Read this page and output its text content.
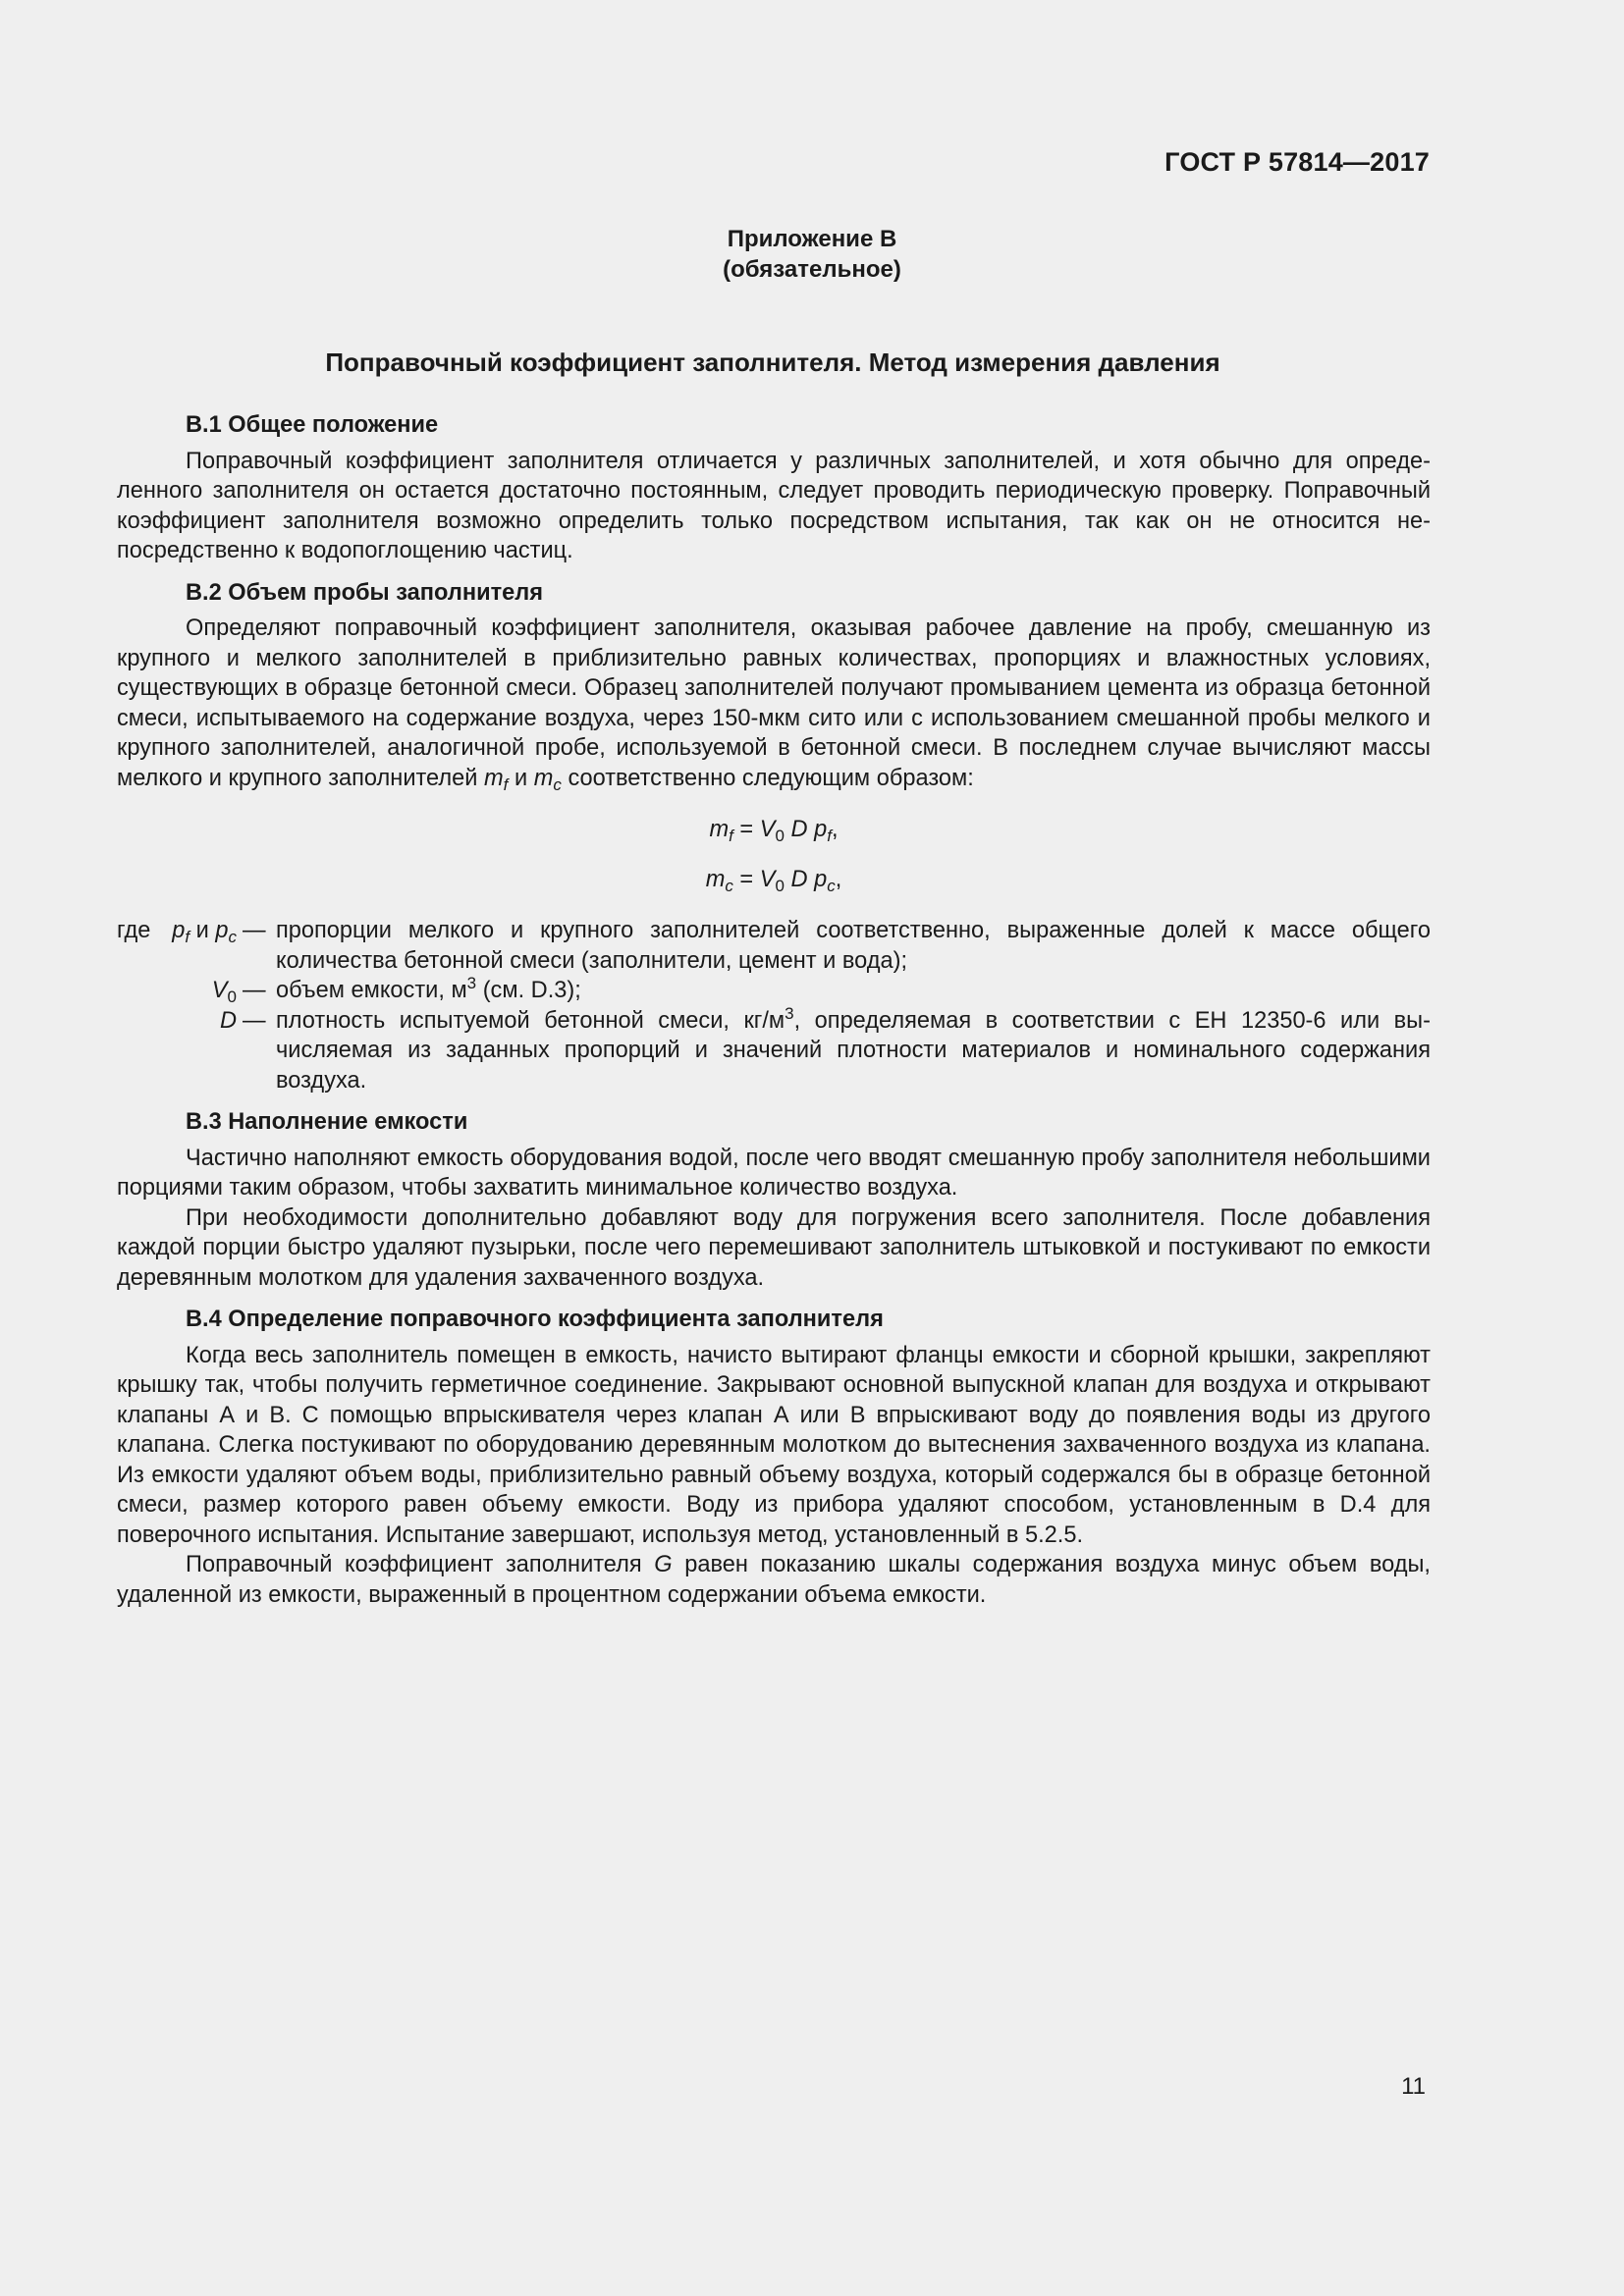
ГОСТ Р 57814—2017
Приложение В
(обязательное)
Поправочный коэффициент заполнителя. Метод измерения давления
В.1 Общее положение

Поправочный коэффициент заполнителя отличается у различных заполнителей, и хотя обычно для определенного заполнителя он остается достаточно постоянным, следует проводить периодическую проверку. Поправочный коэффициент заполнителя возможно определить только посредством испытания, так как он не относится непосредственно к водопоглощению частиц.

В.2 Объем пробы заполнителя

Определяют поправочный коэффициент заполнителя, оказывая рабочее давление на пробу, смешанную из крупного и мелкого заполнителей в приблизительно равных количествах, пропорциях и влажностных условиях, существующих в образце бетонной смеси. Образец заполнителей получают промыванием цемента из образца бетонной смеси, испытываемого на содержание воздуха, через 150-мкм сито или с использованием смешанной пробы мелкого и крупного заполнителей, аналогичной пробе, используемой в бетонной смеси. В последнем случае вычисляют массы мелкого и крупного заполнителей $m_f$ и $m_c$ соответственно следующим образом:

$m_f = V_0$ D $p_f$,

$m_c = V_0$ D $p_c$,

где $p_f$ и $p_c$ — пропорции мелкого и крупного заполнителей соответственно, выраженные долей к массе общего количества бетонной смеси (заполнители, цемент и вода);
$V_0$ — объем емкости, $м^3$ (см. D.3);
D — плотность испытуемой бетонной смеси, $кг/м^3$, определяемая в соответствии с ЕН 12350-6 или вычисляемая из заданных пропорций и значений плотности материалов и номинального содержания воздуха.
В.3 Наполнение емкости

Частично наполняют емкость оборудования водой, после чего вводят смешанную пробу заполнителя небольшими порциями таким образом, чтобы захватить минимальное количество воздуха.

При необходимости дополнительно добавляют воду для погружения всего заполнителя. После добавления каждой порции быстро удаляют пузырьки, после чего перемешивают заполнитель штыковкой и постукивают по емкости деревянным молотком для удаления захваченного воздуха.

В.4 Определение поправочного коэффициента заполнителя

Когда весь заполнитель помещен в емкость, начисто вытирают фланцы емкости и сборной крышки, закрепляют крышку так, чтобы получить герметичное соединение. Закрывают основной выпускной клапан для воздуха и открывают клапаны А и В. С помощью впрыскивателя через клапан А или В впрыскивают воду до появления воды из другого клапана. Слегка постукивают по оборудованию деревянным молотком до вытеснения захваченного воздуха из клапана. Из емкости удаляют объем воды, приблизительно равный объему воздуха, который содержался бы в образце бетонной смеси, размер которого равен объему емкости. Воду из прибора удаляют способом, установленным в D.4 для поверочного испытания. Испытание завершают, используя метод, установленный в 5.2.5.

Поправочный коэффициент заполнителя G равен показанию шкалы содержания воздуха минус объем воды, удаленной из емкости, выраженный в процентном содержании объема емкости.

11
